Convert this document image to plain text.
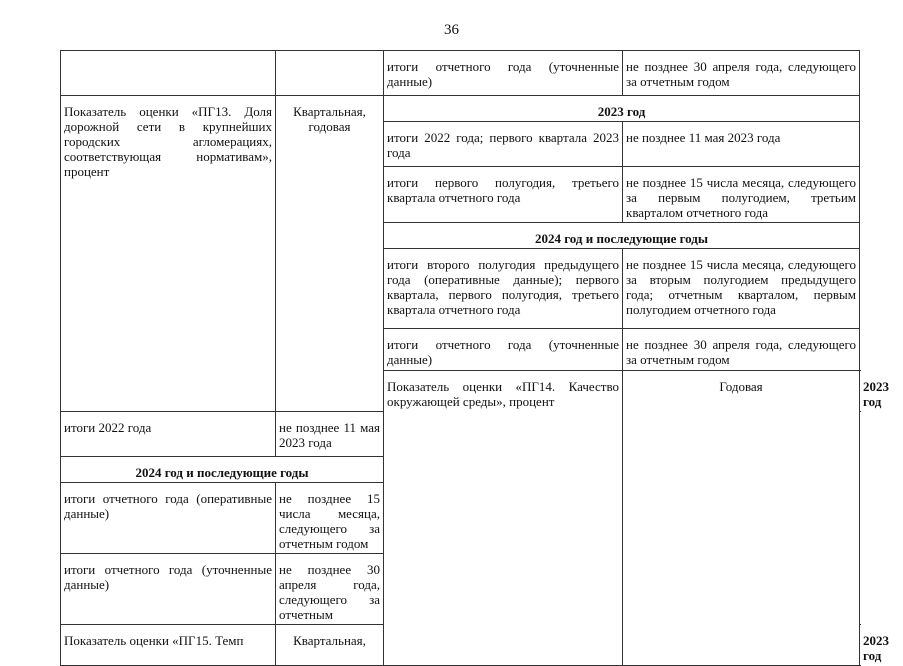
36
		итоги отчетного года (уточненные данные)	не позднее 30 апреля года, следующего за отчетным годом	
Показатель оценки «ПГ13. Доля дорожной сети в крупнейших городских агломерациях, соответствующая нормативам», процент	Квартальная, годовая	2023 год		
		итоги 2022 года; первого квартала 2023 года	не позднее 11 мая 2023 года	
		итоги первого полугодия, третьего квартала отчетного года	не позднее 15 числа месяца, следующего за первым полугодием, третьим кварталом отчетного года	
		2024 год и последующие годы		
		итоги второго полугодия предыдущего года (оперативные данные); первого квартала, первого полугодия, третьего квартала отчетного года	не позднее 15 числа месяца, следующего за вторым полугодием предыдущего года; отчетным кварталом, первым полугодием отчетного года	
		итоги отчетного года (уточненные данные)	не позднее 30 апреля года, следующего за отчетным годом	
		Показатель оценки «ПГ14. Качество окружающей среды», процент	Годовая	2023 год
итоги 2022 года	не позднее 11 мая 2023 года			
2024 год и последующие годы				
итоги отчетного года (оперативные данные)	не позднее 15 числа месяца, следующего за отчетным годом			
итоги отчетного года (уточненные данные)	не позднее 30 апреля года, следующего за отчетным			
Показатель оценки «ПГ15. Темп	Квартальная,			2023 год
